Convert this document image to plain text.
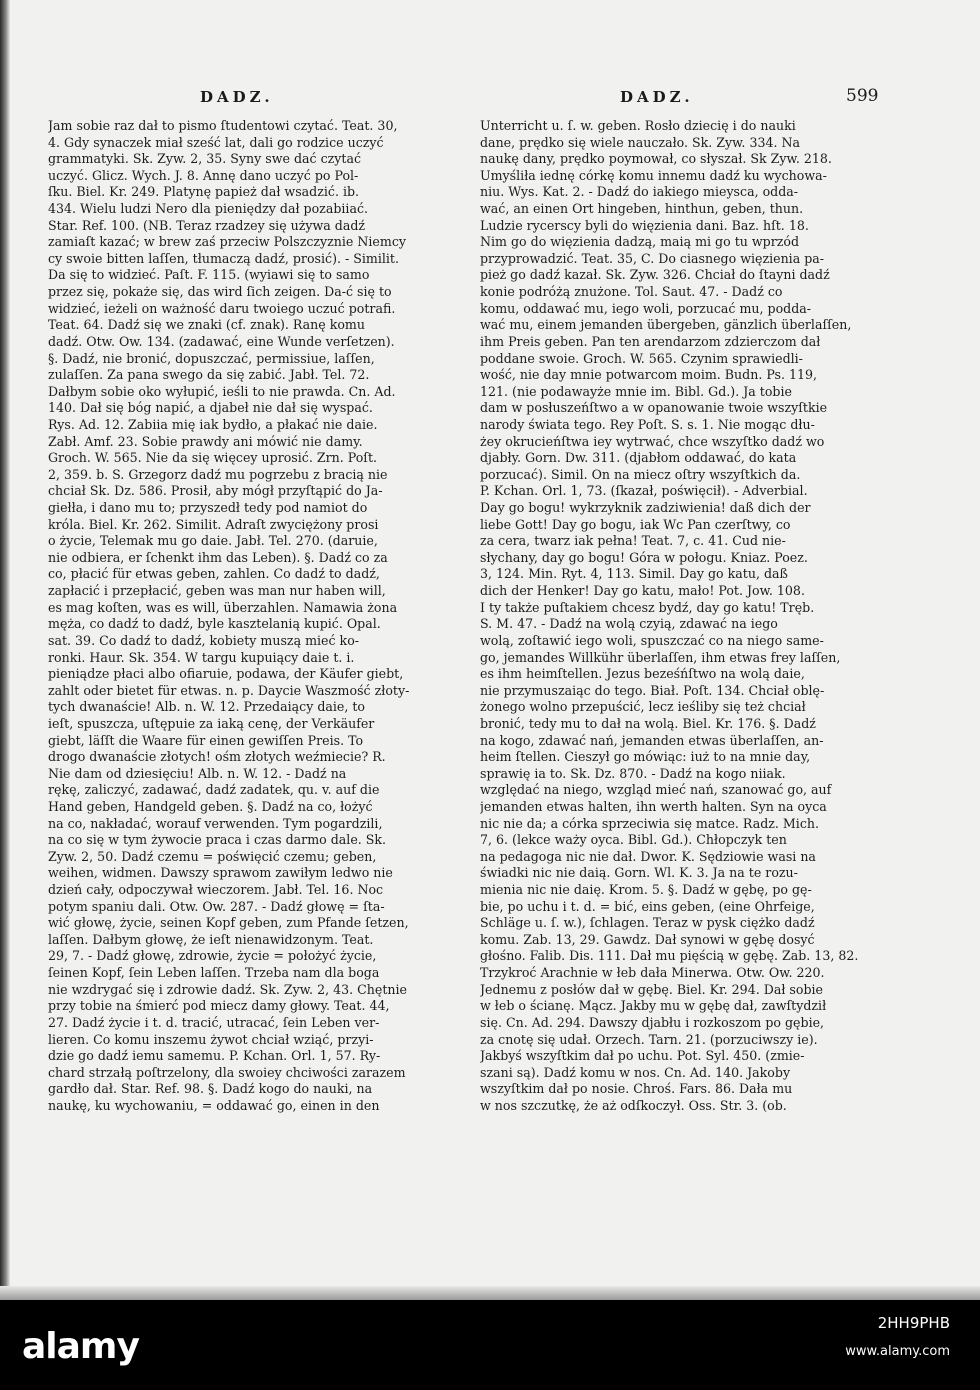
DADZ.	DADZ.	599
Jam sobie raz dał to pismo ſtudentowi czytać. Teat. 30,
4. Gdy synaczek miał sześć lat, dali go rodzice uczyć
grammatyki. Sk. Zyw. 2, 35. Syny swe dać czytać
uczyć. Glicz. Wych. J. 8. Annę dano uczyć po Pol-
ſku. Biel. Kr. 249. Platynę papież dał wsadzić. ib.
434. Wielu ludzi Nero dla pieniędzy dał pozabiiać.
Star. Ref. 100. (NB. Teraz rzadzey się używa dadź
zamiaſt kazać; w brew zaś przeciw Polszczyznie Niemcy
cy swoie bitten laſſen, tłumaczą dadź, prosić). - Similit.
Da się to widzieć. Paſt. F. 115. (wyiawi się to samo
przez się, pokaże się, das wird ſich zeigen. Da-ć się to
widzieć, ieżeli on ważność daru twoiego uczuć potrafi.
Teat. 64. Dadź się we znaki (cf. znak). Ranę komu
dadź. Otw. Ow. 134. (zadawać, eine Wunde verſetzen).
§. Dadź, nie bronić, dopuszczać, permissiue, laſſen,
zulaſſen. Za pana swego da się zabić. Jabł. Tel. 72.
Dałbym sobie oko wyłupić, ieśli to nie prawda. Cn. Ad.
140. Dał się bóg napić, a djabeł nie dał się wyspać.
Rys. Ad. 12. Zabiia mię iak bydło, a płakać nie daie.
Zabł. Amf. 23. Sobie prawdy ani mówić nie damy.
Groch. W. 565. Nie da się więcey uprosić. Zrn. Poſt.
2, 359. b. S. Grzegorz dadź mu pogrzebu z bracią nie
chciał Sk. Dz. 586. Prosił, aby mógł przyſtąpić do Ja-
giełła, i dano mu to; przyszedł tedy pod namiot do
króla. Biel. Kr. 262. Similit. Adraſt zwyciężony prosi
o życie, Telemak mu go daie. Jabł. Tel. 270. (daruie,
nie odbiera, er ſchenkt ihm das Leben). §. Dadź co za
co, płacić für etwas geben, zahlen. Co dadź to dadź,
zapłacić i przepłacić, geben was man nur haben will,
es mag koſten, was es will, überzahlen. Namawia żona
męża, co dadź to dadź, byle kasztelanią kupić. Opal.
sat. 39. Co dadź to dadź, kobiety muszą mieć ko-
ronki. Haur. Sk. 354. W targu kupuiący daie t. i.
pieniądze płaci albo ofiaruie, podawa, der Käufer giebt,
zahlt oder bietet für etwas. n. p. Daycie Waszmość złoty-
tych dwanaście! Alb. n. W. 12. Przedaiący daie, to
ieſt, spuszcza, uſtępuie za iaką cenę, der Verkäufer
giebt, läſſt die Waare für einen gewiſſen Preis. To
drogo dwanaście złotych! ośm złotych weźmiecie? R.
Nie dam od dziesięciu! Alb. n. W. 12. - Dadź na
rękę, zaliczyć, zadawać, dadź zadatek, qu. v. auf die
Hand geben, Handgeld geben. §. Dadź na co, łożyć
na co, nakładać, worauf verwenden. Tym pogardzili,
na co się w tym żywocie praca i czas darmo dale. Sk.
Zyw. 2, 50. Dadź czemu = poświęcić czemu; geben,
weihen, widmen. Dawszy sprawom zawiłym ledwo nie
dzień cały, odpoczywał wieczorem. Jabł. Tel. 16. Noc
potym spaniu dali. Otw. Ow. 287. - Dadź głowę = ſta-
wić głowę, życie, seinen Kopf geben, zum Pfande ſetzen,
laſſen. Dałbym głowę, że ieſt nienawidzonym. Teat.
29, 7. - Dadź głowę, zdrowie, życie = położyć życie,
ſeinen Kopf, ſein Leben laſſen. Trzeba nam dla boga
nie wzdrygać się i zdrowie dadź. Sk. Zyw. 2, 43. Chętnie
przy tobie na śmierć pod miecz damy głowy. Teat. 44,
27. Dadź życie i t. d. tracić, utracać, ſein Leben ver-
lieren. Co komu inszemu żywot chciał wziąć, przyi-
dzie go dadź iemu samemu. P. Kchan. Orl. 1, 57. Ry-
chard strzałą poſtrzelony, dla swoiey chciwości zarazem
gardło dał. Star. Ref. 98. §. Dadź kogo do nauki, na
naukę, ku wychowaniu, = oddawać go, einen in den
Unterricht u. ſ. w. geben. Rosło dziecię i do nauki
dane, prędko się wiele nauczało. Sk. Zyw. 334. Na
naukę dany, prędko poymował, co słyszał. Sk Zyw. 218.
Umyśliła iednę córkę komu innemu dadź ku wychowa-
niu. Wys. Kat. 2. - Dadź do iakiego mieysca, odda-
wać, an einen Ort hingeben, hinthun, geben, thun.
Ludzie rycerscy byli do więzienia dani. Baz. hſt. 18.
Nim go do więzienia dadzą, maią mi go tu wprzód
przyprowadzić. Teat. 35, C. Do ciasnego więzienia pa-
pież go dadź kazał. Sk. Zyw. 326. Chciał do ſtayni dadź
konie podróżą znużone. Tol. Saut. 47. - Dadź co
komu, oddawać mu, iego woli, porzucać mu, podda-
wać mu, einem jemanden übergeben, gänzlich überlaſſen,
ihm Preis geben. Pan ten arendarzom zdzierczom dał
poddane swoie. Groch. W. 565. Czynim sprawiedli-
wość, nie day mnie potwarcom moim. Budn. Ps. 119,
121. (nie podawayże mnie im. Bibl. Gd.). Ja tobie
dam w posłuszeńſtwo a w opanowanie twoie wszyſtkie
narody świata tego. Rey Poſt. S. s. 1. Nie mogąc dłu-
żey okrucieńſtwa iey wytrwać, chce wszyſtko dadź wo
djabły. Gorn. Dw. 311. (djabłom oddawać, do kata
porzucać). Simil. On na miecz oſtry wszyſtkich da.
P. Kchan. Orl. 1, 73. (ſkazał, poświęcił). - Adverbial.
Day go bogu! wykrzyknik zadziwienia! daß dich der
liebe Gott! Day go bogu, iak Wc Pan czerſtwy, co
za cera, twarz iak pełna! Teat. 7, c. 41. Cud nie-
słychany, day go bogu! Góra w połogu. Kniaz. Poez.
3, 124. Min. Ryt. 4, 113. Simil. Day go katu, daß
dich der Henker! Day go katu, mało! Pot. Jow. 108.
I ty także puſtakiem chcesz bydź, day go katu! Tręb.
S. M. 47. - Dadź na wolą czyią, zdawać na iego
wolą, zoſtawić iego woli, spuszczać co na niego same-
go, jemandes Willkühr überlaſſen, ihm etwas frey laſſen,
es ihm heimſtellen. Jezus beześńſtwo na wolą daie,
nie przymuszaiąc do tego. Biał. Poſt. 134. Chciał oblę-
żonego wolno przepuścić, lecz ieśliby się też chciał
bronić, tedy mu to dał na wolą. Biel. Kr. 176. §. Dadź
na kogo, zdawać nań, jemanden etwas überlaſſen, an-
heim ſtellen. Cieszył go mówiąc: iuż to na mnie day,
sprawię ia to. Sk. Dz. 870. - Dadź na kogo niiak.
względać na niego, wzgląd mieć nań, szanować go, auf
jemanden etwas halten, ihn werth halten. Syn na oyca
nic nie da; a córka sprzeciwia się matce. Radz. Mich.
7, 6. (lekce waży oyca. Bibl. Gd.). Chłopczyk ten
na pedagoga nic nie dał. Dwor. K. Sędziowie wasi na
świadki nic nie daią. Gorn. Wl. K. 3. Ja na te rozu-
mienia nic nie daię. Krom. 5. §. Dadź w gębę, po gę-
bie, po uchu i t. d. = bić, eins geben, (eine Ohrfeige,
Schläge u. ſ. w.), ſchlagen. Teraz w pysk ciężko dadź
komu. Zab. 13, 29. Gawdz. Dał synowi w gębę dosyć
głośno. Falib. Dis. 111. Dał mu pięścią w gębę. Zab. 13, 82.
Trzykroć Arachnie w łeb dała Minerwa. Otw. Ow. 220.
Jednemu z posłów dał w gębę. Biel. Kr. 294. Dał sobie
w łeb o ścianę. Mącz. Jakby mu w gębę dał, zawſtydził
się. Cn. Ad. 294. Dawszy djabłu i rozkoszom po gębie,
za cnotę się udał. Orzech. Tarn. 21. (porzuciwszy ie).
Jakbyś wszyſtkim dał po uchu. Pot. Syl. 450. (zmie-
szani są). Dadź komu w nos. Cn. Ad. 140. Jakoby
wszyſtkim dał po nosie. Chroś. Fars. 86. Dała mu
w nos szczutkę, że aż odſkoczył. Oss. Str. 3. (ob.
alamy
2HH9PHB
www.alamy.com
